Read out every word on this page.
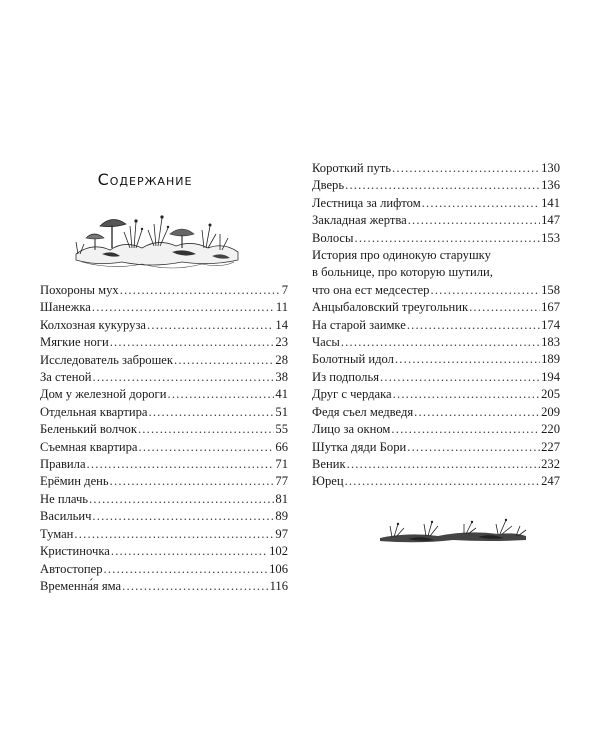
Содержание
Похороны мух .....	7
Шанежка .....	11
Колхозная кукуруза .....	14
Мягкие ноги .....	23
Исследователь заброшек .....	28
За стеной .....	38
Дом у железной дороги .....	41
Отдельная квартира .....	51
Беленький волчок .....	55
Съемная квартира .....	66
Правила .....	71
Ерёмин день .....	77
Не плачь .....	81
Васильич .....	89
Туман .....	97
Кристиночка .....	102
Автостопер .....	106
Временна́я яма .....	116
Короткий путь .....	130
Дверь .....	136
Лестница за лифтом .....	141
Закладная жертва .....	147
Волосы .....	153
История про одинокую старушку
в больнице, про которую шутили,
что она ест медсестер .....	158
Анцыбаловский треугольник .....	167
На старой заимке .....	174
Часы .....	183
Болотный идол .....	189
Из подполья .....	194
Друг с чердака .....	205
Федя съел медведя .....	209
Лицо за окном .....	220
Шутка дяди Бори .....	227
Веник .....	232
Юрец .....	247
